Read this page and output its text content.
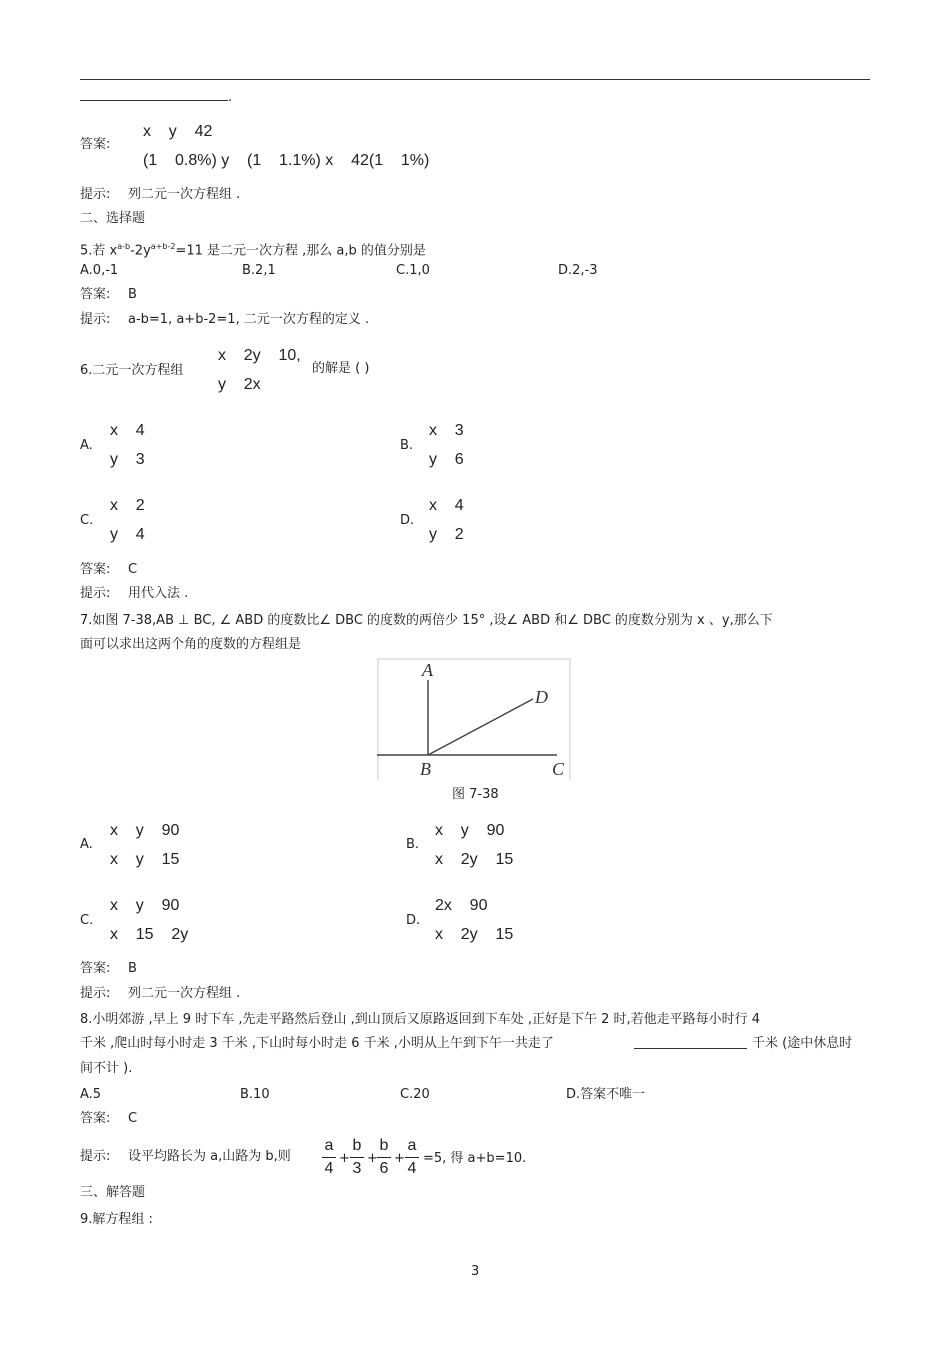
.
答案:
x    y    42
(1    0.8%) y    (1    1.1%) x    42(1    1%)
提示: 列二元一次方程组 .
二、选择题
5.若 $x^{a-b}-2y^{a+b-2}=11$ 是二元一次方程 ,那么 a,b 的值分别是
A.0,-1	B.2,1	C.1,0	D.2,-3
答案: B
提示: a-b=1, a+b-2=1, 二元一次方程的定义 .
6.二元一次方程组
x    2y    10,
y    2x
的解是 ( )
A.
x    4
y    3
B.
x    3
y    6
C.
x    2
y    4
D.
x    4
y    2
答案: C
提示: 用代入法 .
7.如图 7-38,AB ⊥ BC, ∠ ABD 的度数比∠ DBC 的度数的两倍少 15° ,设∠ ABD 和∠ DBC 的度数分别为 x 、y,那么下
面可以求出这两个角的度数的方程组是
A
B	C
D
图 7-38
A.
x    y    90
x    y    15
B.
x    y    90
x    2y    15
C.
x    y    90
x    15    2y
D.
2x    90
x    2y    15
答案: B
提示: 列二元一次方程组 .
8.小明郊游 ,早上 9 时下车 ,先走平路然后登山 ,到山顶后又原路返回到下车处 ,正好是下午 2 时,若他走平路每小时行 4
千米 ,爬山时每小时走 3 千米 ,下山时每小时走 6 千米 ,小明从上午到下午一共走了	千米 (途中休息时
间不计 ).
A.5	B.10	C.20	D.答案不唯一
答案: C
提示: 设平均路长为 a,山路为 b,则
a
4
+
b
3
+
b
6
+
a
4
=5, 得 a+b=10.
三、解答题
9.解方程组 :
3
